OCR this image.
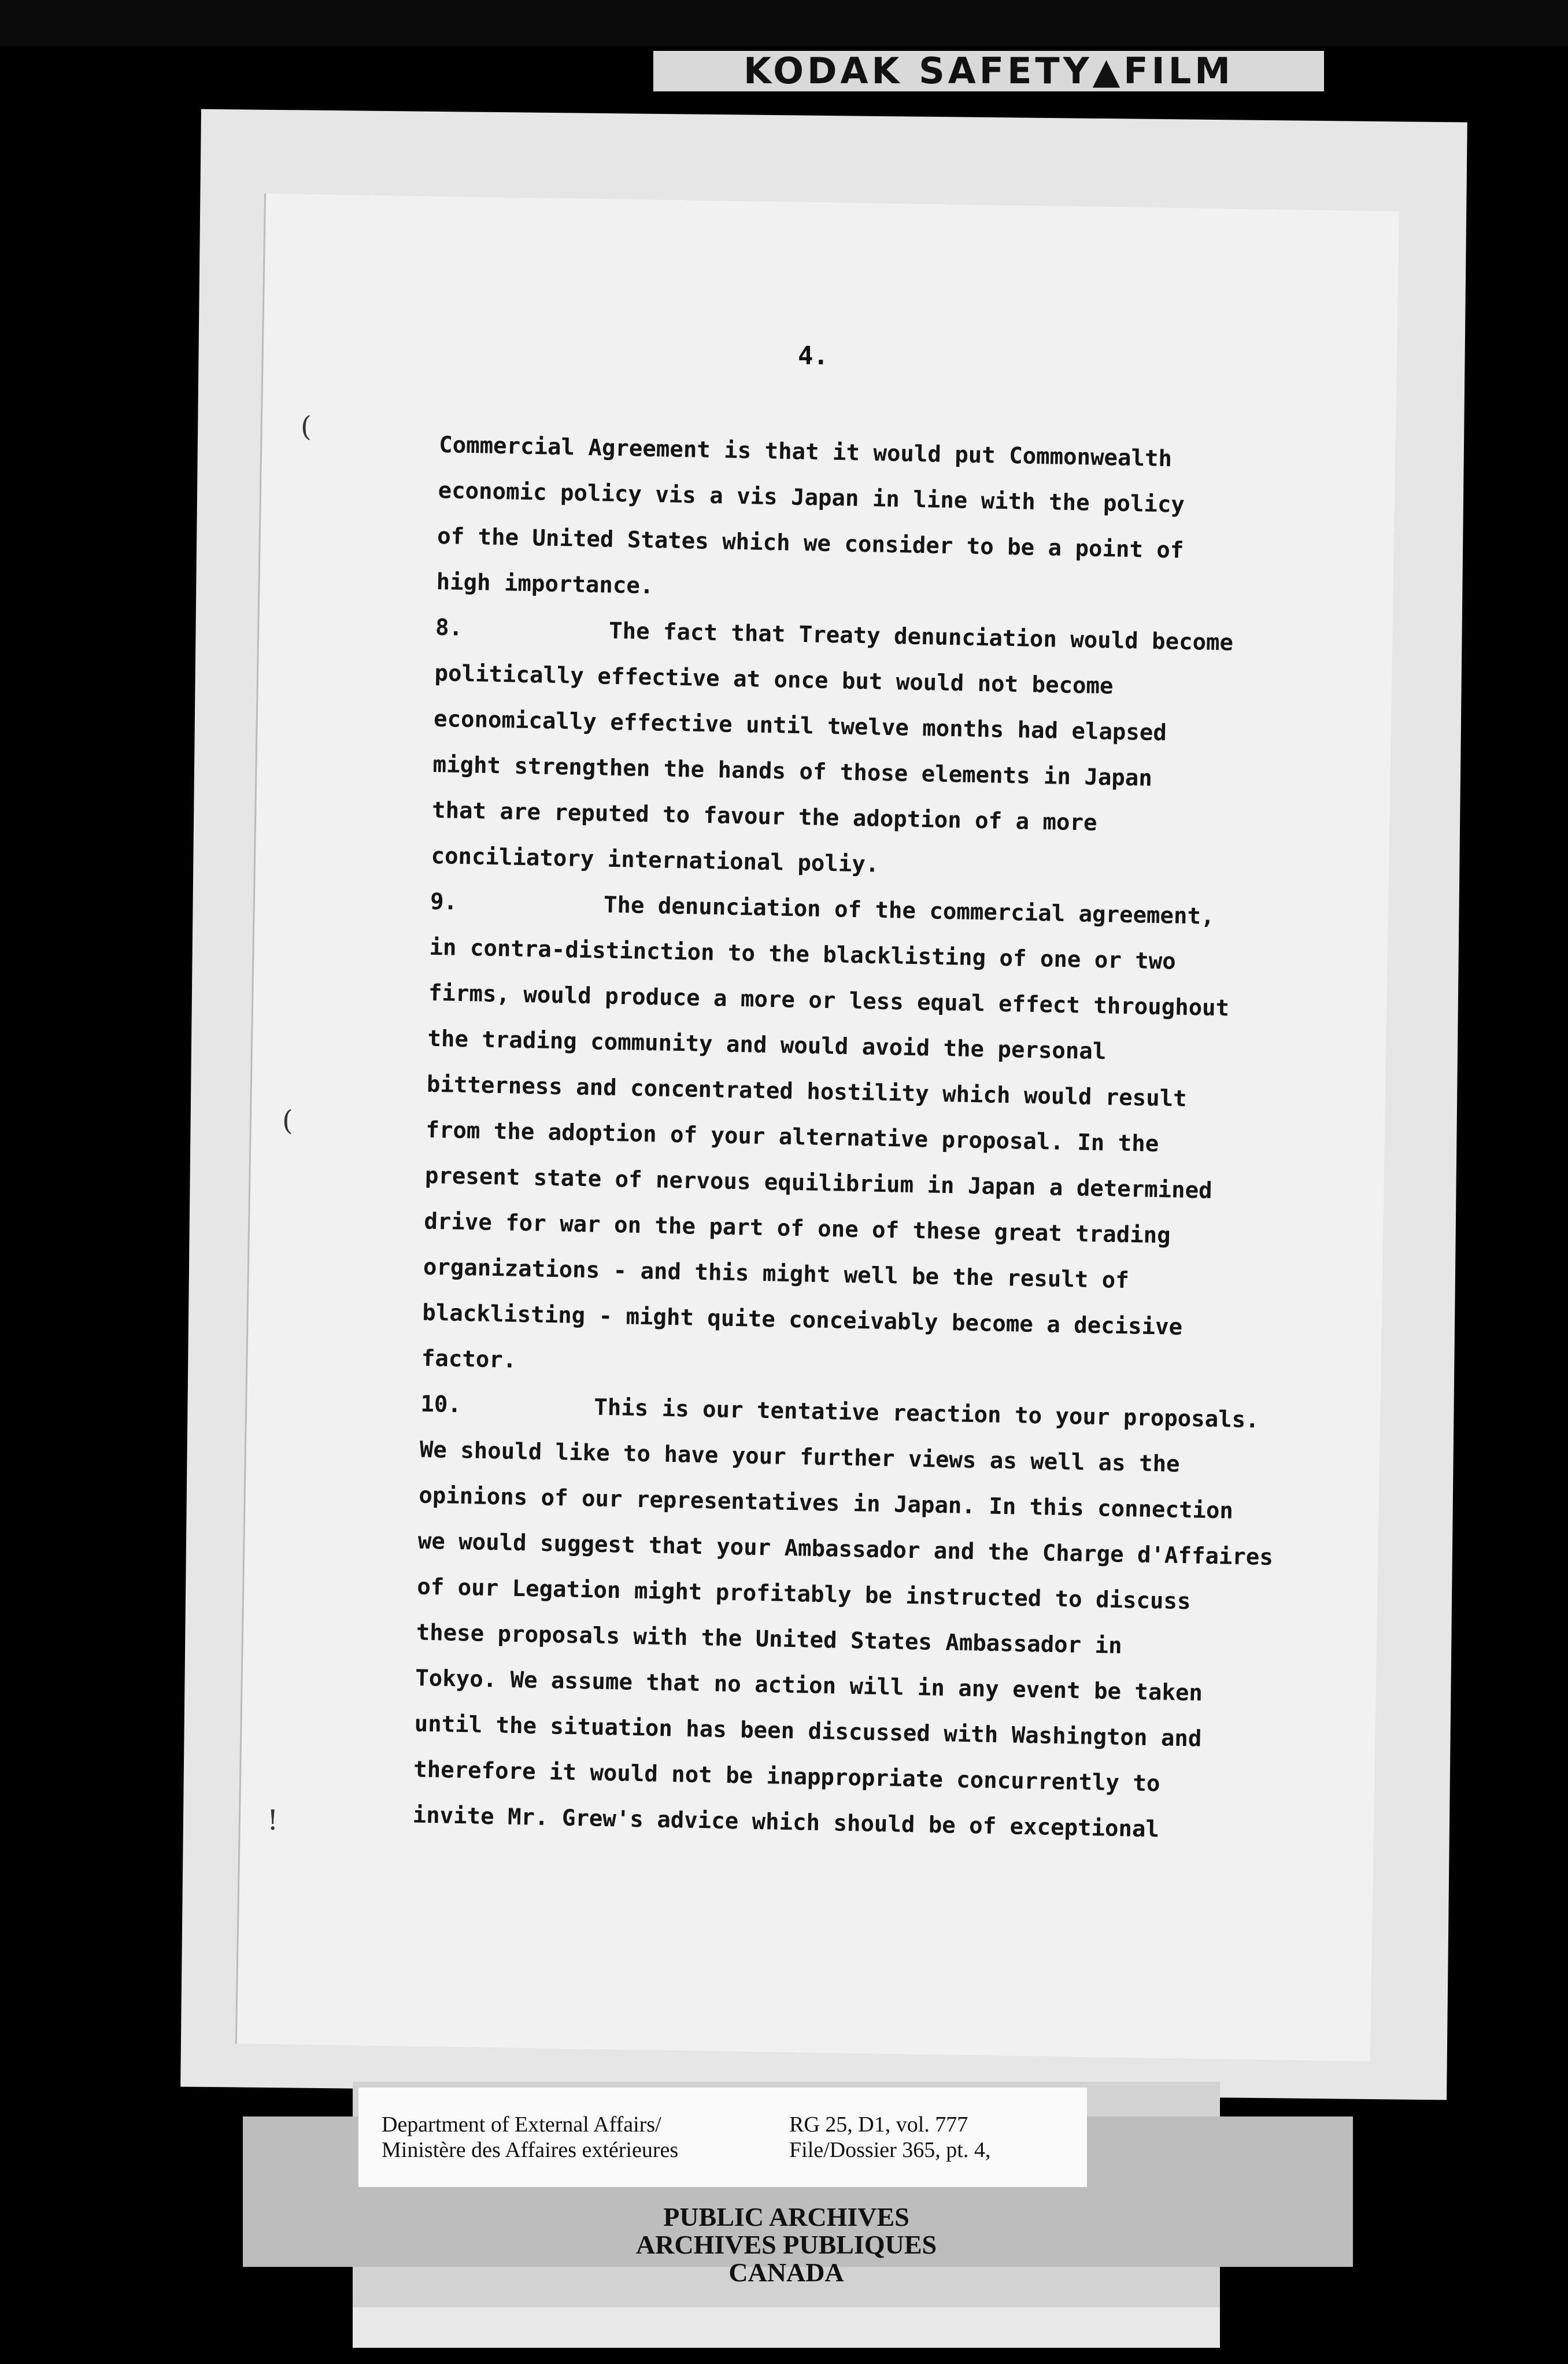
KODAK SAFETY▲FILM
4.
(
(
!
Commercial Agreement is that it would put Commonwealth
economic policy vis a vis Japan in line with the policy
of the United States which we consider to be a point of
high importance.
8.	The fact that Treaty denunciation would become
politically effective at once but would not become
economically effective until twelve months had elapsed
might strengthen the hands of those elements in Japan
that are reputed to favour the adoption of a more
conciliatory international poliy.
9.	The denunciation of the commercial agreement,
in contra-distinction to the blacklisting of one or two
firms, would produce a more or less equal effect throughout
the trading community and would avoid the personal
bitterness and concentrated hostility which would result
from the adoption of your alternative proposal. In the
present state of nervous equilibrium in Japan a determined
drive for war on the part of one of these great trading
organizations - and this might well be the result of
blacklisting - might quite conceivably become a decisive
factor.
10.	This is our tentative reaction to your proposals.
We should like to have your further views as well as the
opinions of our representatives in Japan. In this connection
we would suggest that your Ambassador and the Charge d'Affaires
of our Legation might profitably be instructed to discuss
these proposals with the United States Ambassador in
Tokyo. We assume that no action will in any event be taken
until the situation has been discussed with Washington and
therefore it would not be inappropriate concurrently to
invite Mr. Grew's advice which should be of exceptional
Department of External Affairs/
Ministère des Affaires extérieures
RG 25, D1, vol. 777
File/Dossier 365, pt. 4,
PUBLIC ARCHIVES
ARCHIVES PUBLIQUES
CANADA
